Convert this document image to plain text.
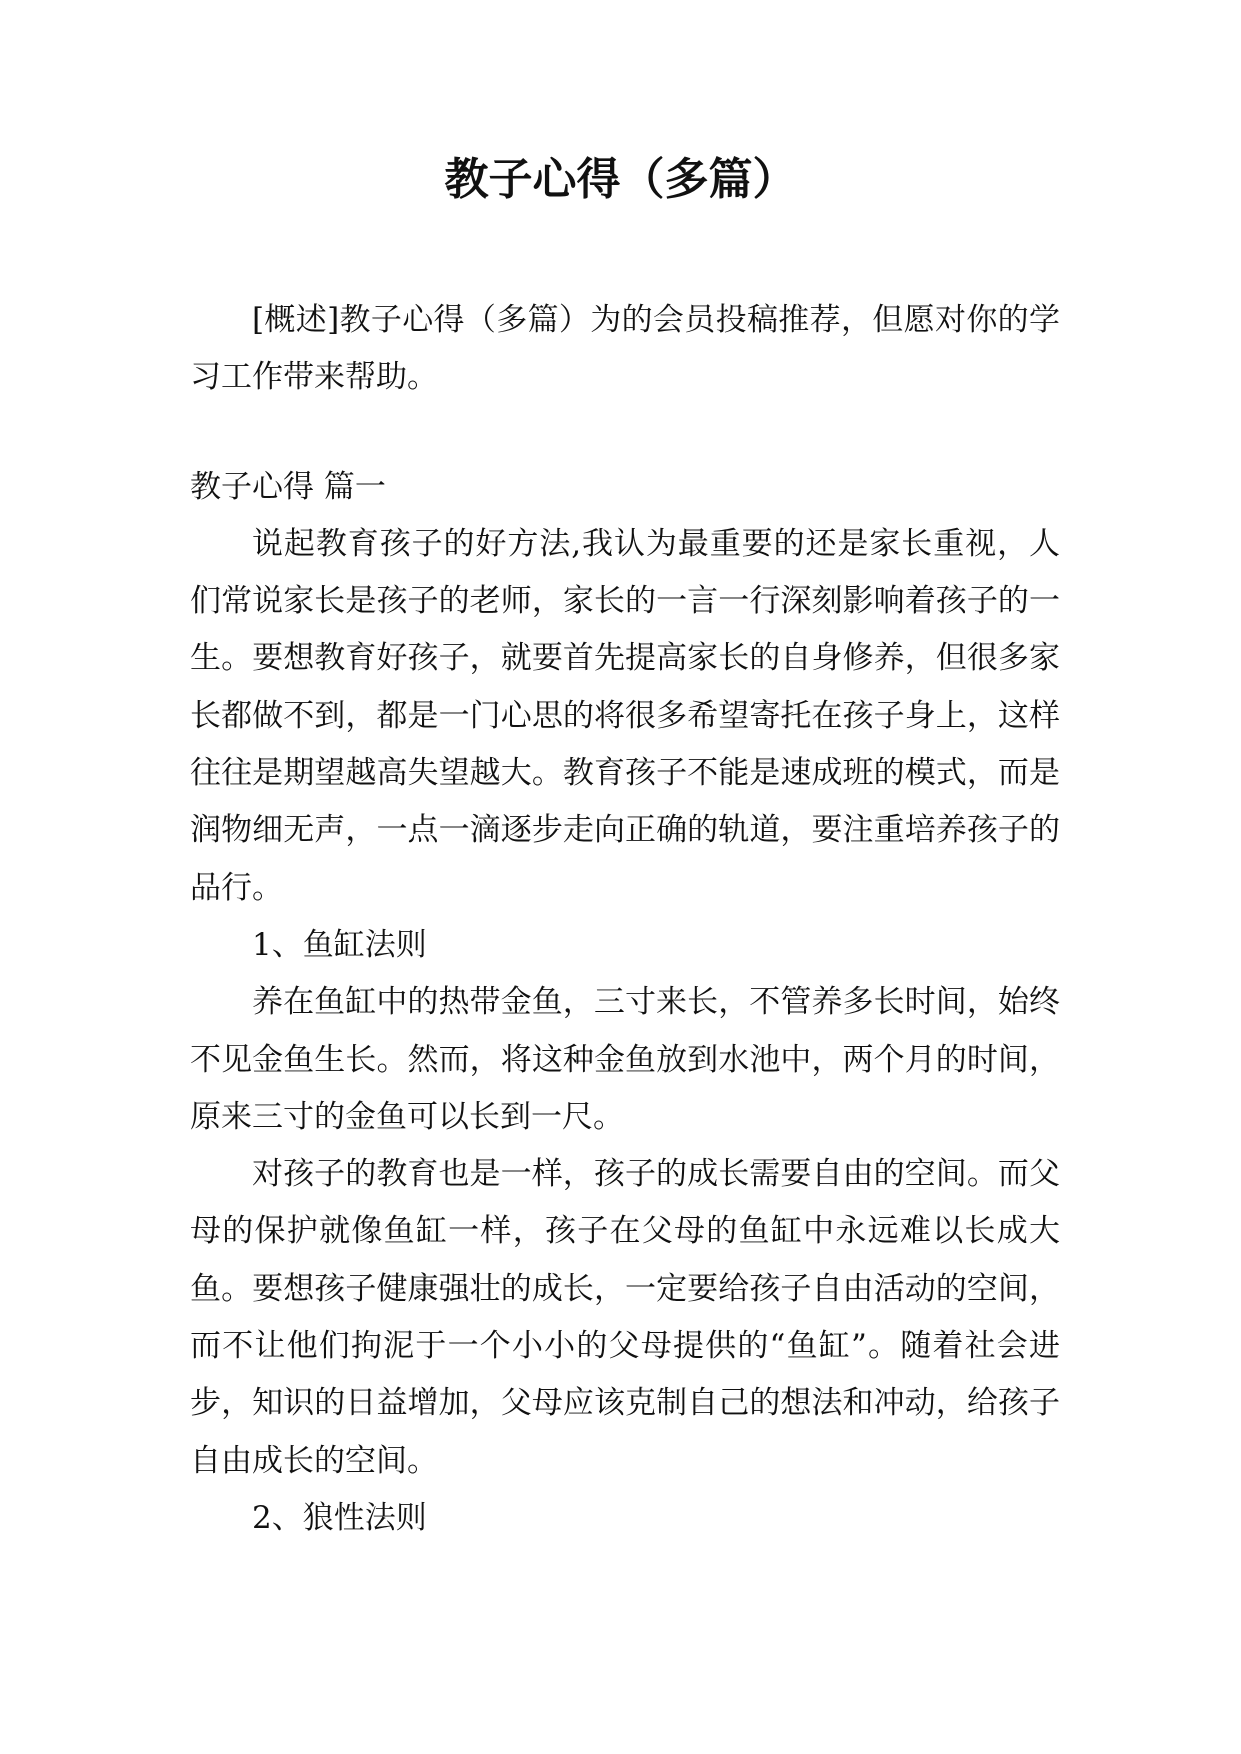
教子心得（多篇）

[概述]教子心得（多篇）为的会员投稿推荐，但愿对你的学习工作带来帮助。

教子心得 篇一

说起教育孩子的好方法,我认为最重要的还是家长重视，人们常说家长是孩子的老师，家长的一言一行深刻影响着孩子的一生。要想教育好孩子，就要首先提高家长的自身修养，但很多家长都做不到，都是一门心思的将很多希望寄托在孩子身上，这样往往是期望越高失望越大。教育孩子不能是速成班的模式，而是润物细无声，一点一滴逐步走向正确的轨道，要注重培养孩子的品行。

1、鱼缸法则

养在鱼缸中的热带金鱼，三寸来长，不管养多长时间，始终不见金鱼生长。然而，将这种金鱼放到水池中，两个月的时间，原来三寸的金鱼可以长到一尺。

对孩子的教育也是一样，孩子的成长需要自由的空间。而父母的保护就像鱼缸一样，孩子在父母的鱼缸中永远难以长成大鱼。要想孩子健康强壮的成长，一定要给孩子自由活动的空间，而不让他们拘泥于一个小小的父母提供的“鱼缸”。随着社会进步，知识的日益增加，父母应该克制自己的想法和冲动，给孩子自由成长的空间。

2、狼性法则
